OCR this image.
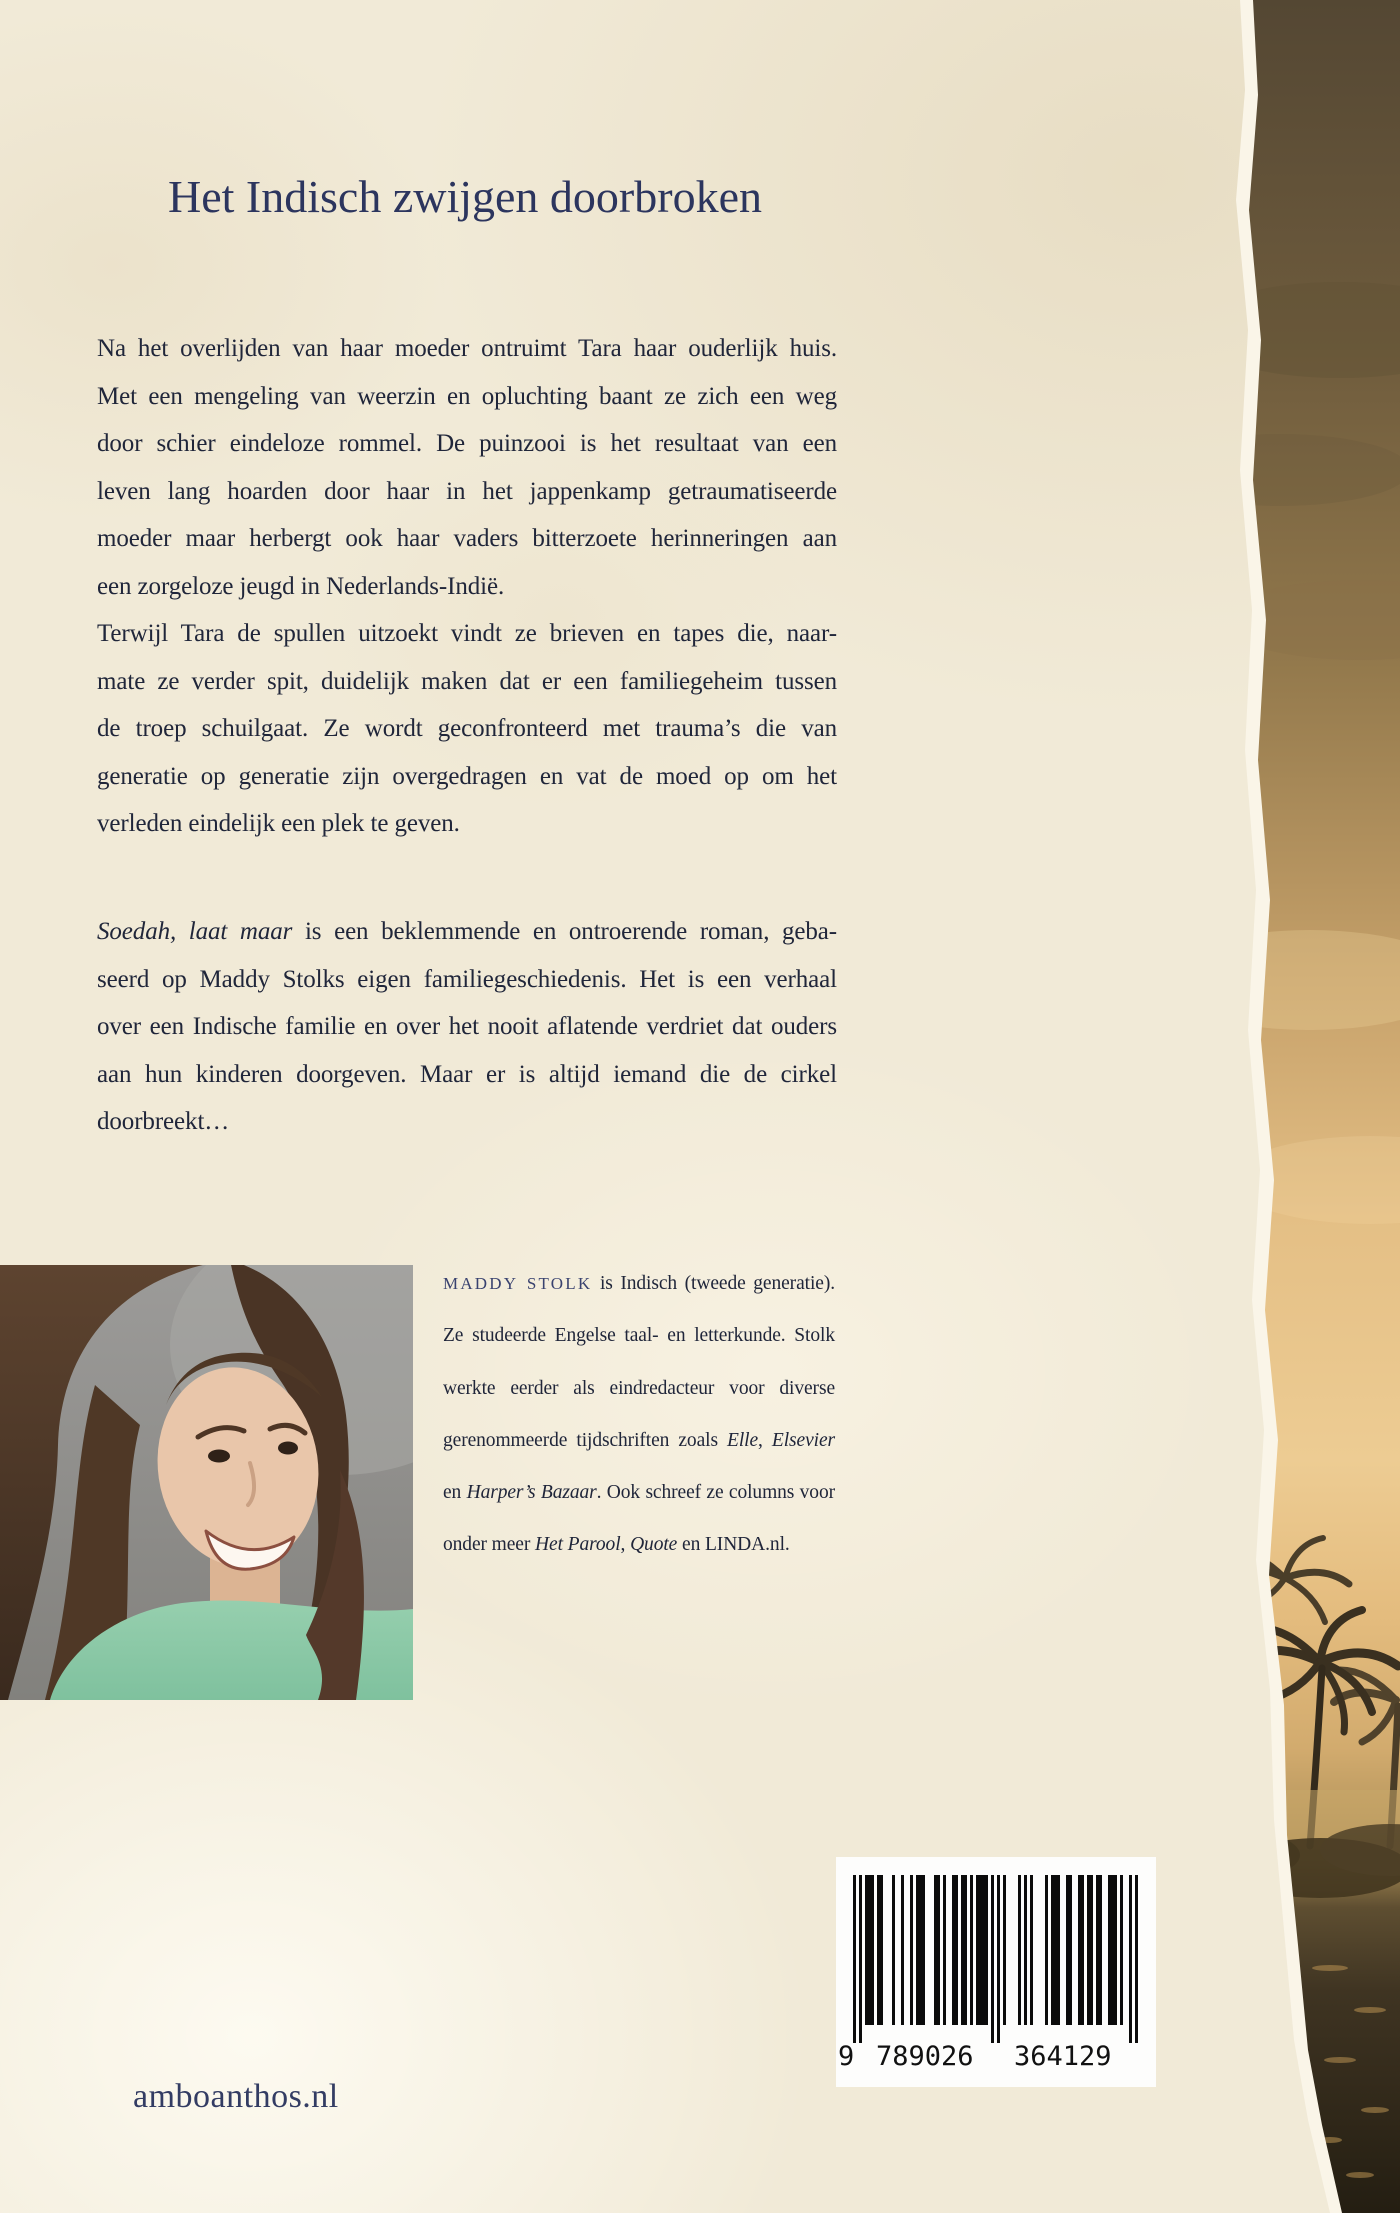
Het Indisch zwijgen doorbroken
Na het overlijden van haar moeder ontruimt Tara haar ouderlijk huis.
Met een mengeling van weerzin en opluchting baant ze zich een weg
door schier eindeloze rommel. De puinzooi is het resultaat van een
leven lang hoarden door haar in het jappenkamp getraumatiseerde
moeder maar herbergt ook haar vaders bitterzoete herinneringen aan
een zorgeloze jeugd in Nederlands-Indië.
Terwijl Tara de spullen uitzoekt vindt ze brieven en tapes die, naar-
mate ze verder spit, duidelijk maken dat er een familiegeheim tussen
de troep schuilgaat. Ze wordt geconfronteerd met trauma’s die van
generatie op generatie zijn overgedragen en vat de moed op om het
verleden eindelijk een plek te geven.
Soedah, laat maar is een beklemmende en ontroerende roman, geba-
seerd op Maddy Stolks eigen familiegeschiedenis. Het is een verhaal
over een Indische familie en over het nooit aflatende verdriet dat ouders
aan hun kinderen doorgeven. Maar er is altijd iemand die de cirkel
doorbreekt…
MADDY STOLK is Indisch (tweede generatie).
Ze studeerde Engelse taal- en letterkunde. Stolk
werkte eerder als eindredacteur voor diverse
gerenommeerde tijdschriften zoals Elle, Elsevier
en Harper’s Bazaar. Ook schreef ze columns voor
onder meer Het Parool, Quote en LINDA.nl.
9 789026 364129
amboanthos.nl
